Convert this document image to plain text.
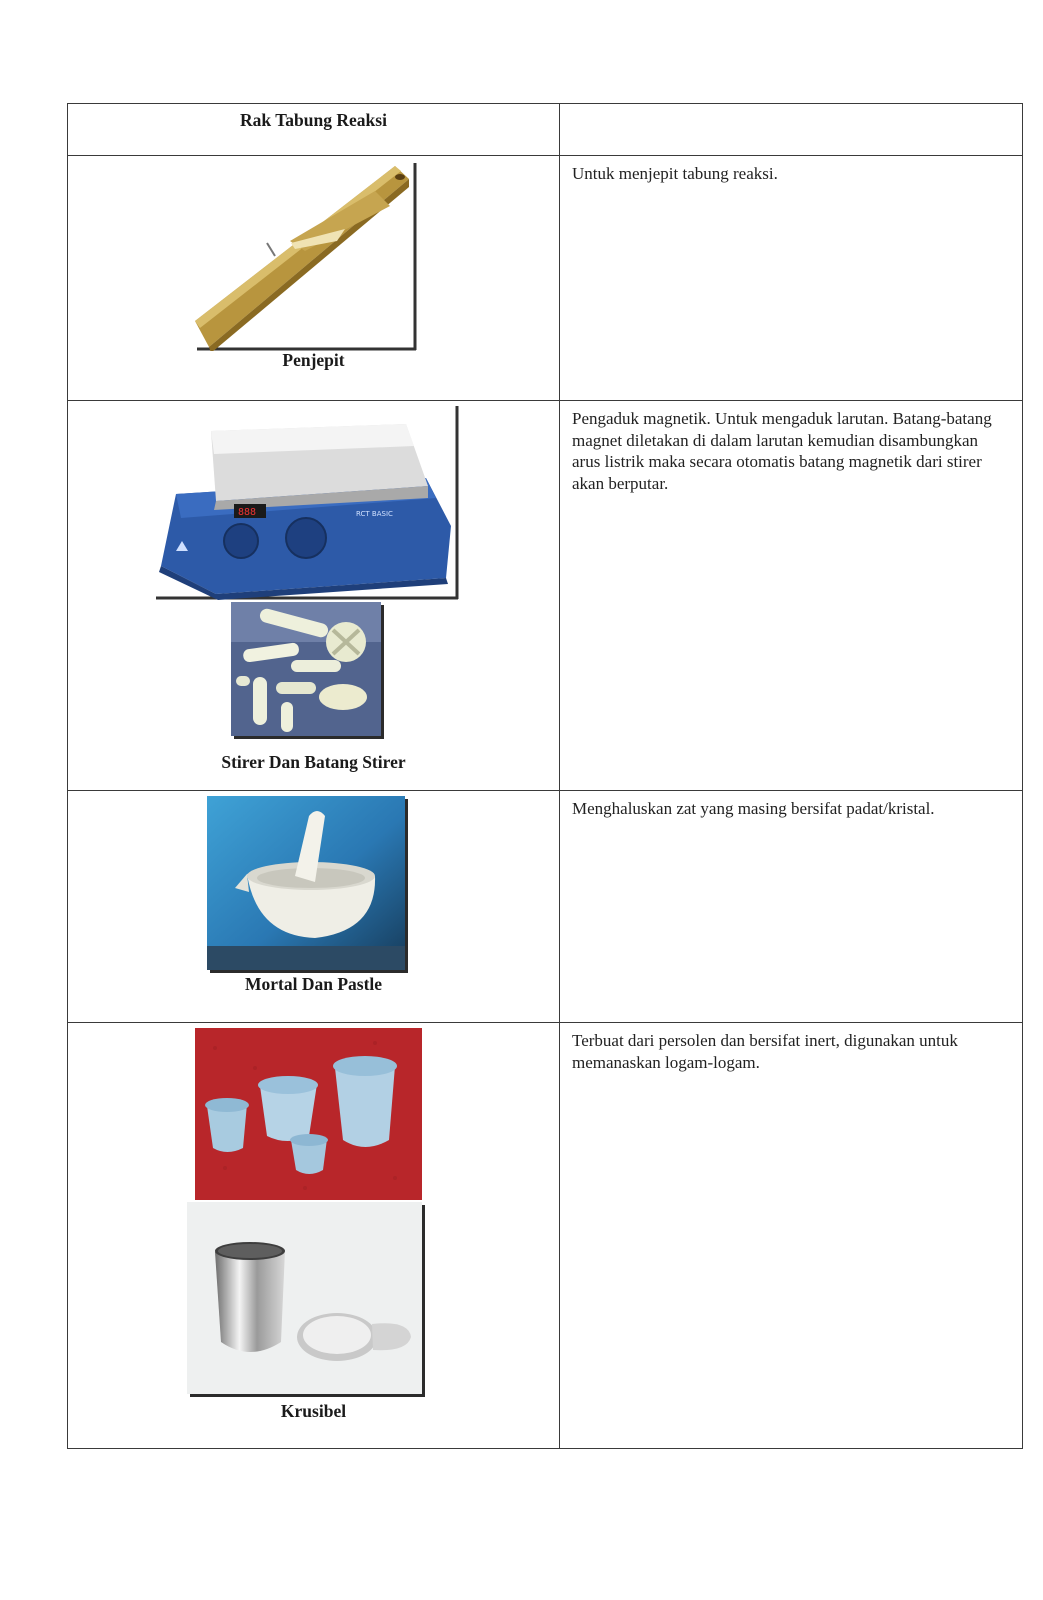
Rak Tabung Reaksi	

Penjepit	Untuk menjepit tabung reaksi.

888 RCT BASIC
Stirer Dan Batang Stirer	Pengaduk magnetik. Untuk mengaduk larutan. Batang-batang magnet diletakan di dalam larutan kemudian disambungkan arus listrik maka secara otomatis batang magnetik dari stirer akan berputar.

Mortal Dan Pastle	Menghaluskan zat yang masing bersifat padat/kristal.

Krusibel	Terbuat dari persolen dan bersifat inert, digunakan untuk memanaskan logam-logam.
